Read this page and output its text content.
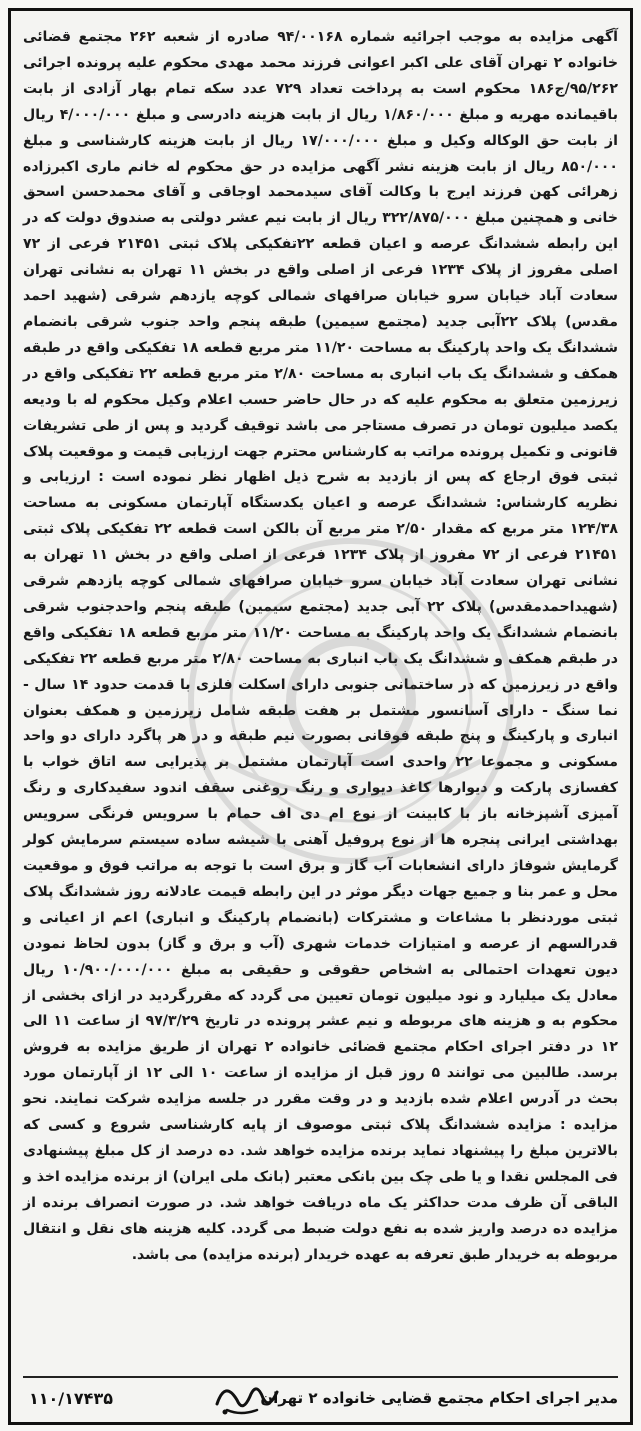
آگهی مزایده به موجب اجرائیه شماره ۹۴/۰۰۱۶۸ صادره از شعبه ۲۶۲ مجتمع قضائی خانواده ۲ تهران آقای علی اکبر اعوانی فرزند محمد مهدی محکوم علیه پرونده اجرائی ۹۵/۲۶۲/ج۱۸۶ محکوم است به پرداخت تعداد ۷۲۹ عدد سکه تمام بهار آزادی از بابت باقیمانده مهریه و مبلغ ۱/۸۶۰/۰۰۰ ریال از بابت هزینه دادرسی و مبلغ ۴/۰۰۰/۰۰۰ ریال از بابت حق الوکاله وکیل و مبلغ ۱۷/۰۰۰/۰۰۰ ریال از بابت هزینه کارشناسی و مبلغ ۸۵۰/۰۰۰ ریال از بابت هزینه نشر آگهی مزایده در حق محکوم له خانم ماری اکبرزاده زهرائی کهن فرزند ایرج با وکالت آقای سیدمحمد اوجاقی و آقای محمدحسن اسحق خانی و همچنین مبلغ ۳۲۲/۸۷۵/۰۰۰ ریال از بابت نیم عشر دولتی به صندوق دولت که در این رابطه ششدانگ عرصه و اعیان قطعه ۲۲تفکیکی پلاک ثبتی ۲۱۴۵۱ فرعی از ۷۲ اصلی مفروز از پلاک ۱۲۳۴ فرعی از اصلی واقع در بخش ۱۱ تهران به نشانی تهران سعادت آباد خیابان سرو خیابان صرافهای شمالی کوچه یازدهم شرقی (شهید احمد مقدس) پلاک ۲۲آبی جدید (مجتمع سیمین) طبقه پنجم واحد جنوب شرقی بانضمام ششدانگ یک واحد پارکینگ به مساحت ۱۱/۲۰ متر مربع قطعه ۱۸ تفکیکی واقع در طبقه همکف و ششدانگ یک باب انباری به مساحت ۲/۸۰ متر مربع قطعه ۲۲ تفکیکی واقع در زیرزمین متعلق به محکوم علیه که در حال حاضر حسب اعلام وکیل محکوم له با ودیعه یکصد میلیون تومان در تصرف مستاجر می باشد توقیف گردید و پس از طی تشریفات قانونی و تکمیل پرونده مراتب به کارشناس محترم جهت ارزیابی قیمت و موقعیت پلاک ثبتی فوق ارجاع که پس از بازدید به شرح ذیل اظهار نظر نموده است : ارزیابی و نظریه کارشناس: ششدانگ عرصه و اعیان یکدستگاه آپارتمان مسکونی به مساحت ۱۲۴/۳۸ متر مربع که مقدار ۲/۵۰ متر مربع آن بالکن است قطعه ۲۲ تفکیکی پلاک ثبتی ۲۱۴۵۱ فرعی از ۷۲ مفروز از پلاک ۱۲۳۴ فرعی از اصلی واقع در بخش ۱۱ تهران به نشانی تهران سعادت آباد خیابان سرو خیابان صرافهای شمالی کوچه یازدهم شرقی (شهیداحمدمقدس) پلاک ۲۲ آبی جدید (مجتمع سیمین) طبقه پنجم واحدجنوب شرقی بانضمام ششدانگ یک واحد پارکینگ به مساحت ۱۱/۲۰ متر مربع قطعه ۱۸ تفکیکی واقع در طبقم همکف و ششدانگ یک باب انباری به مساحت ۲/۸۰ متر مربع قطعه ۲۲ تفکیکی واقع در زیرزمین که در ساختمانی جنوبی دارای اسکلت فلزی با قدمت حدود ۱۴ سال - نما سنگ - دارای آسانسور مشتمل بر هفت طبقه شامل زیرزمین و همکف بعنوان انباری و پارکینگ و پنج طبقه فوقانی بصورت نیم طبقه و در هر پاگرد دارای دو واحد مسکونی و مجموعا ۲۲ واحدی است آپارتمان مشتمل بر پذیرایی سه اتاق خواب با کفسازی پارکت و دیوارها کاغذ دیواری و رنگ روغنی سقف اندود سفیدکاری و رنگ آمیزی آشپزخانه باز با کابینت از نوع ام دی اف حمام با سرویس فرنگی سرویس بهداشتی ایرانی پنجره ها از نوع پروفیل آهنی با شیشه ساده سیستم سرمایش کولر گرمایش شوفاژ دارای انشعابات آب گاز و برق است با توجه به مراتب فوق و موقعیت محل و عمر بنا و جمیع جهات دیگر موثر در این رابطه قیمت عادلانه روز ششدانگ پلاک ثبتی موردنظر با مشاعات و مشترکات (بانضمام پارکینگ و انباری) اعم از اعیانی و قدرالسهم از عرصه و امتیازات خدمات شهری (آب و برق و گاز) بدون لحاظ نمودن دیون تعهدات احتمالی به اشخاص حقوقی و حقیقی به مبلغ ۱۰/۹۰۰/۰۰۰/۰۰۰ ریال معادل یک میلیارد و نود میلیون تومان تعیین می گردد که مقررگردید در ازای بخشی از محکوم به و هزینه های مربوطه و نیم عشر پرونده در تاریخ ۹۷/۳/۲۹ از ساعت ۱۱ الی ۱۲ در دفتر اجرای احکام مجتمع قضائی خانواده ۲ تهران از طریق مزایده به فروش برسد. طالبین می توانند ۵ روز قبل از مزایده از ساعت ۱۰ الی ۱۲ از آپارتمان مورد بحث در آدرس اعلام شده بازدید و در وقت مقرر در جلسه مزایده شرکت نمایند. نحو مزایده : مزایده ششدانگ پلاک ثبتی موصوف از پایه کارشناسی شروع و کسی که بالاترین مبلغ را پیشنهاد نماید برنده مزایده خواهد شد. ده درصد از کل مبلغ پیشنهادی فی المجلس نقدا و یا طی چک بین بانکی معتبر (بانک ملی ایران) از برنده مزایده اخذ و الباقی آن ظرف مدت حداکثر یک ماه دریافت خواهد شد. در صورت انصراف برنده از مزایده ده درصد واریز شده به نفع دولت ضبط می گردد. کلیه هزینه های نقل و انتقال مربوطه به خریدار طبق تعرفه به عهده خریدار (برنده مزایده) می باشد.
مدیر اجرای احکام مجتمع قضایی خانواده ۲ تهران
۱۱۰/۱۷۴۳۵
